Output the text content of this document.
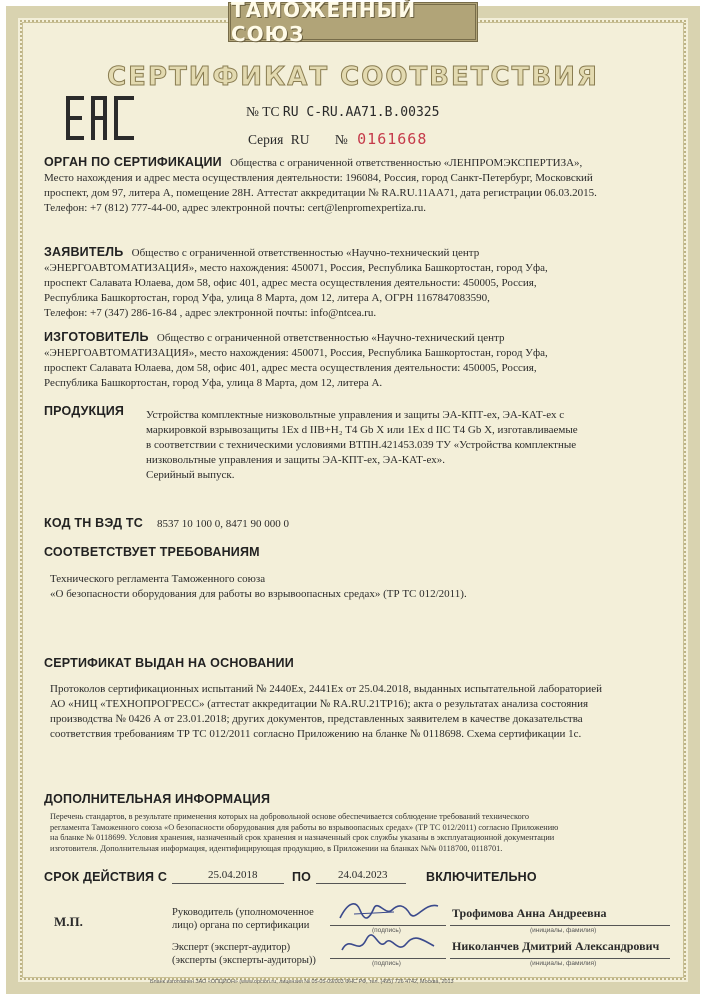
ТАМОЖЕННЫЙ СОЮЗ
СЕРТИФИКАТ СООТВЕТСТВИЯ
№ ТС RU C-RU.AA71.B.00325
Серия RU № 0161668
ОРГАН ПО СЕРТИФИКАЦИИ Общества с ограниченной ответственностью «ЛЕНПРОМЭКСПЕРТИЗА»,
Место нахождения и адрес места осуществления деятельности: 196084, Россия, город Санкт-Петербург, Московский
проспект, дом 97, литера А, помещение 28Н. Аттестат аккредитации № RA.RU.11АА71, дата регистрации 06.03.2015.
Телефон: +7 (812) 777-44-00, адрес электронной почты: cert@lenpromexpertiza.ru.
ЗАЯВИТЕЛЬ Общество с ограниченной ответственностью «Научно-технический центр
«ЭНЕРГОАВТОМАТИЗАЦИЯ», место нахождения: 450071, Россия, Республика Башкортостан, город Уфа,
проспект Салавата Юлаева, дом 58, офис 401, адрес места осуществления деятельности: 450005, Россия,
Республика Башкортостан, город Уфа, улица 8 Марта, дом 12, литера А, ОГРН 1167847083590,
Телефон: +7 (347) 286-16-84 , адрес электронной почты: info@ntcea.ru.
ИЗГОТОВИТЕЛЬ Общество с ограниченной ответственностью «Научно-технический центр
«ЭНЕРГОАВТОМАТИЗАЦИЯ», место нахождения: 450071, Россия, Республика Башкортостан, город Уфа,
проспект Салавата Юлаева, дом 58, офис 401, адрес места осуществления деятельности: 450005, Россия,
Республика Башкортостан, город Уфа, улица 8 Марта, дом 12, литера А.
ПРОДУКЦИЯ Устройства комплектные низковольтные управления и защиты ЭА-КПТ-ех, ЭА-КАТ-ех с
маркировкой взрывозащиты 1Ex d IIB+H₂ T4 Gb X или 1Ex d IIC T4 Gb X, изготавливаемые
в соответствии с техническими условиями ВТПН.421453.039 ТУ «Устройства комплектные
низковольтные управления и защиты ЭА-КПТ-ех, ЭА-КАТ-ех».
Серийный выпуск.
КОД ТН ВЭД ТС 8537 10 100 0, 8471 90 000 0
СООТВЕТСТВУЕТ ТРЕБОВАНИЯМ
Технического регламента Таможенного союза
«О безопасности оборудования для работы во взрывоопасных средах» (ТР ТС 012/2011).
СЕРТИФИКАТ ВЫДАН НА ОСНОВАНИИ
Протоколов сертификационных испытаний № 2440Ех, 2441Ех от 25.04.2018, выданных испытательной лабораторией
АО «НИЦ «ТЕХНОПРОГРЕСС» (аттестат аккредитации № RA.RU.21ТР16); акта о результатах анализа состояния
производства № 0426 А от 23.01.2018; других документов, представленных заявителем в качестве доказательства
соответствия требованиям ТР ТС 012/2011 согласно Приложению на бланке № 0118698. Схема сертификации 1с.
ДОПОЛНИТЕЛЬНАЯ ИНФОРМАЦИЯ
Перечень стандартов, в результате применения которых на добровольной основе обеспечивается соблюдение требований технического
регламента Таможенного союза «О безопасности оборудования для работы во взрывоопасных средах» (ТР ТС 012/2011) согласно Приложению
на бланке № 0118699. Условия хранения, назначенный срок хранения и назначенный срок службы указаны в эксплуатационной документации
изготовителя. Дополнительная информация, идентифицирующая продукцию, в Приложении на бланках №№ 0118700, 0118701.
СРОК ДЕЙСТВИЯ С	25.04.2018	ПО 24.04.2023	ВКЛЮЧИТЕЛЬНО
М.П.
Руководитель (уполномоченное
лицо) органа по сертификации	(подпись)
Трофимова Анна Андреевна
(инициалы, фамилия)
Эксперт (эксперт-аудитор)
(эксперты (эксперты-аудиторы))	(подпись)
Николанчев Дмитрий Александрович
(инициалы, фамилия)
Бланк изготовлен ЗАО «ОПЦИОН» (www.opcion.ru, лицензия № 05-05-09/003 ФНС РФ, тел. (495) 726 4742, Москва, 2013
